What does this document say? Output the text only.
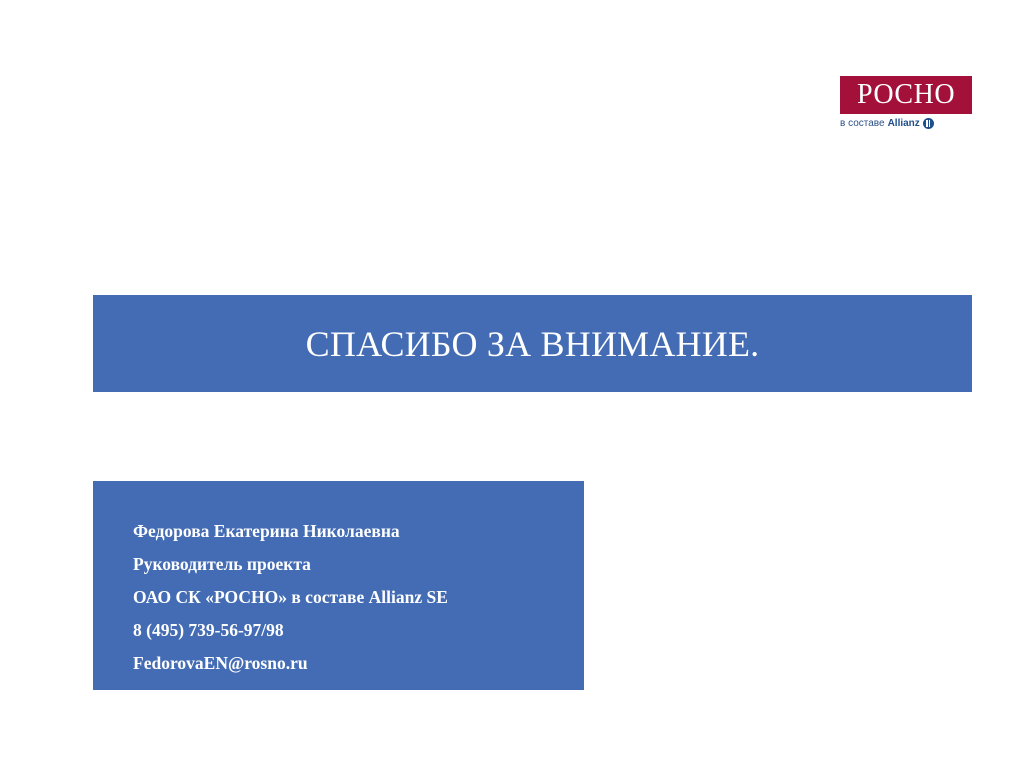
РОСНО
в составе Allianz
СПАСИБО ЗА ВНИМАНИЕ.
Федорова Екатерина Николаевна
Руководитель проекта
ОАО СК «РОСНО» в составе Allianz SE
8 (495) 739-56-97/98
FedorovaEN@rosno.ru
